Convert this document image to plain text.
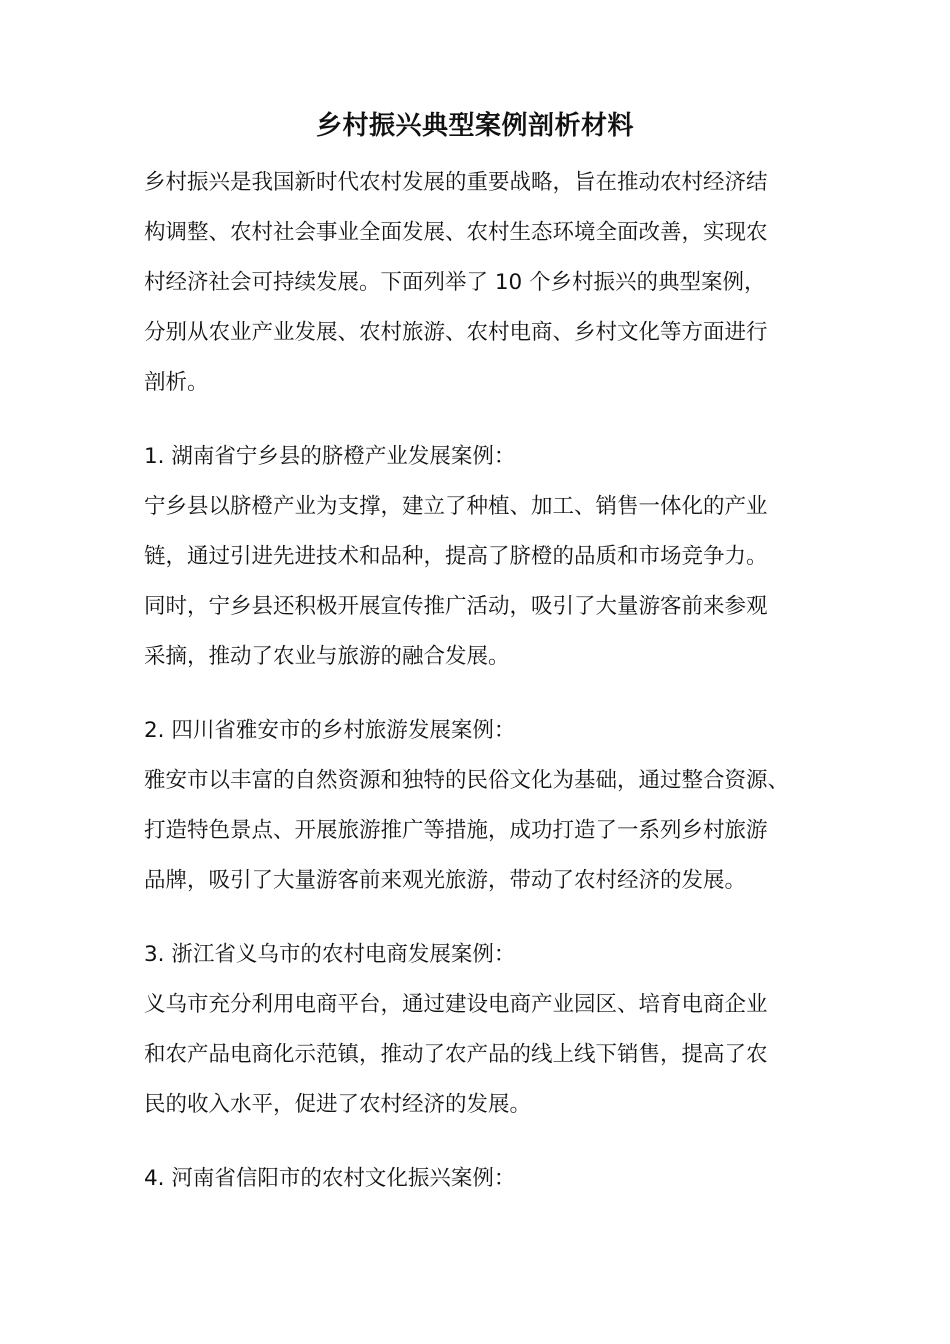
乡村振兴典型案例剖析材料
乡村振兴是我国新时代农村发展的重要战略，旨在推动农村经济结
构调整、农村社会事业全面发展、农村生态环境全面改善，实现农
村经济社会可持续发展。下面列举了 10 个乡村振兴的典型案例，
分别从农业产业发展、农村旅游、农村电商、乡村文化等方面进行
剖析。
1. 湖南省宁乡县的脐橙产业发展案例：
宁乡县以脐橙产业为支撑，建立了种植、加工、销售一体化的产业
链，通过引进先进技术和品种，提高了脐橙的品质和市场竞争力。
同时，宁乡县还积极开展宣传推广活动，吸引了大量游客前来参观
采摘，推动了农业与旅游的融合发展。
2. 四川省雅安市的乡村旅游发展案例：
雅安市以丰富的自然资源和独特的民俗文化为基础，通过整合资源、
打造特色景点、开展旅游推广等措施，成功打造了一系列乡村旅游
品牌，吸引了大量游客前来观光旅游，带动了农村经济的发展。
3. 浙江省义乌市的农村电商发展案例：
义乌市充分利用电商平台，通过建设电商产业园区、培育电商企业
和农产品电商化示范镇，推动了农产品的线上线下销售，提高了农
民的收入水平，促进了农村经济的发展。
4. 河南省信阳市的农村文化振兴案例：
